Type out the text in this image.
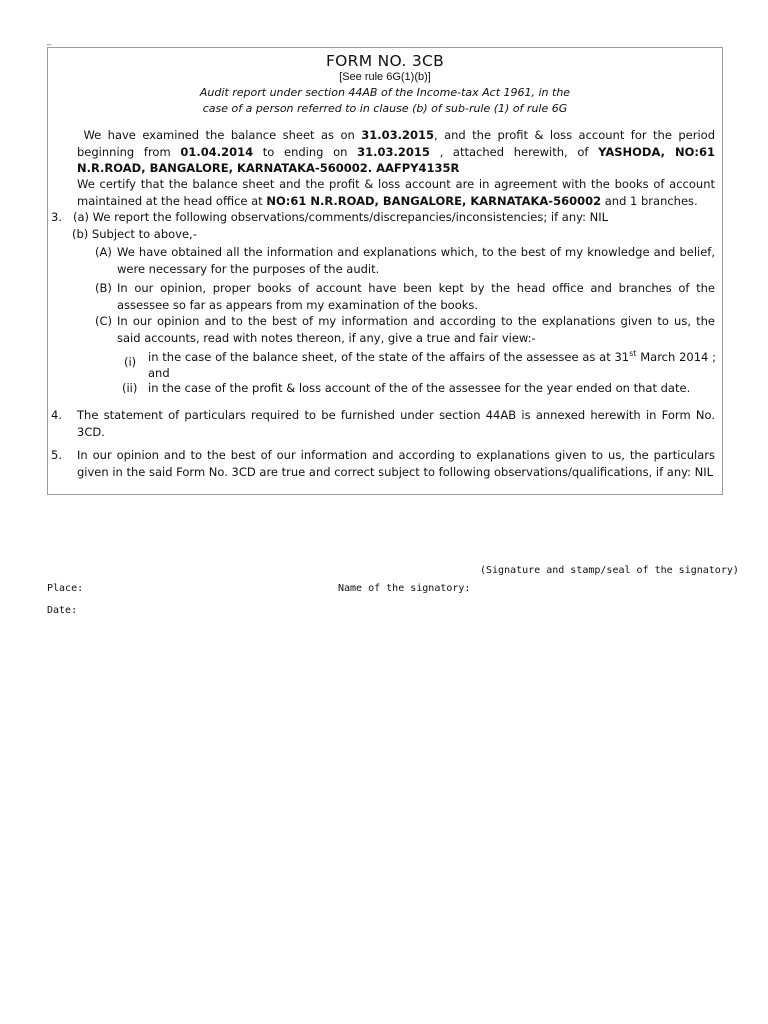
_
FORM NO. 3CB
[See rule 6G(1)(b)]
Audit report under section 44AB of the Income-tax Act 1961, in the
case of a person referred to in clause (b) of sub-rule (1) of rule 6G
We have examined the balance sheet as on 31.03.2015, and the profit & loss account for the period beginning from 01.04.2014 to ending on 31.03.2015 , attached herewith, of YASHODA, NO:61 N.R.ROAD, BANGALORE, KARNATAKA-560002. AAFPY4135R
We certify that the balance sheet and the profit & loss account are in agreement with the books of account maintained at the head office at NO:61 N.R.ROAD, BANGALORE, KARNATAKA-560002 and 1 branches.
3. (a) We report the following observations/comments/discrepancies/inconsistencies; if any: NIL
(b) Subject to above,-
(A) We have obtained all the information and explanations which, to the best of my knowledge and belief, were necessary for the purposes of the audit.
(B) In our opinion, proper books of account have been kept by the head office and branches of the assessee so far as appears from my examination of the books.
(C) In our opinion and to the best of my information and according to the explanations given to us, the said accounts, read with notes thereon, if any, give a true and fair view:-
(i)	in the case of the balance sheet, of the state of the affairs of the assessee as at 31st March 2014 ; and
(ii) in the case of the profit & loss account of the of the assessee for the year ended on that date.
4. The statement of particulars required to be furnished under section 44AB is annexed herewith in Form No. 3CD.
5. In our opinion and to the best of our information and according to explanations given to us, the particulars given in the said Form No. 3CD are true and correct subject to following observations/qualifications, if any: NIL
(Signature and stamp/seal of the signatory)
Place:	Name of the signatory:
Date:
